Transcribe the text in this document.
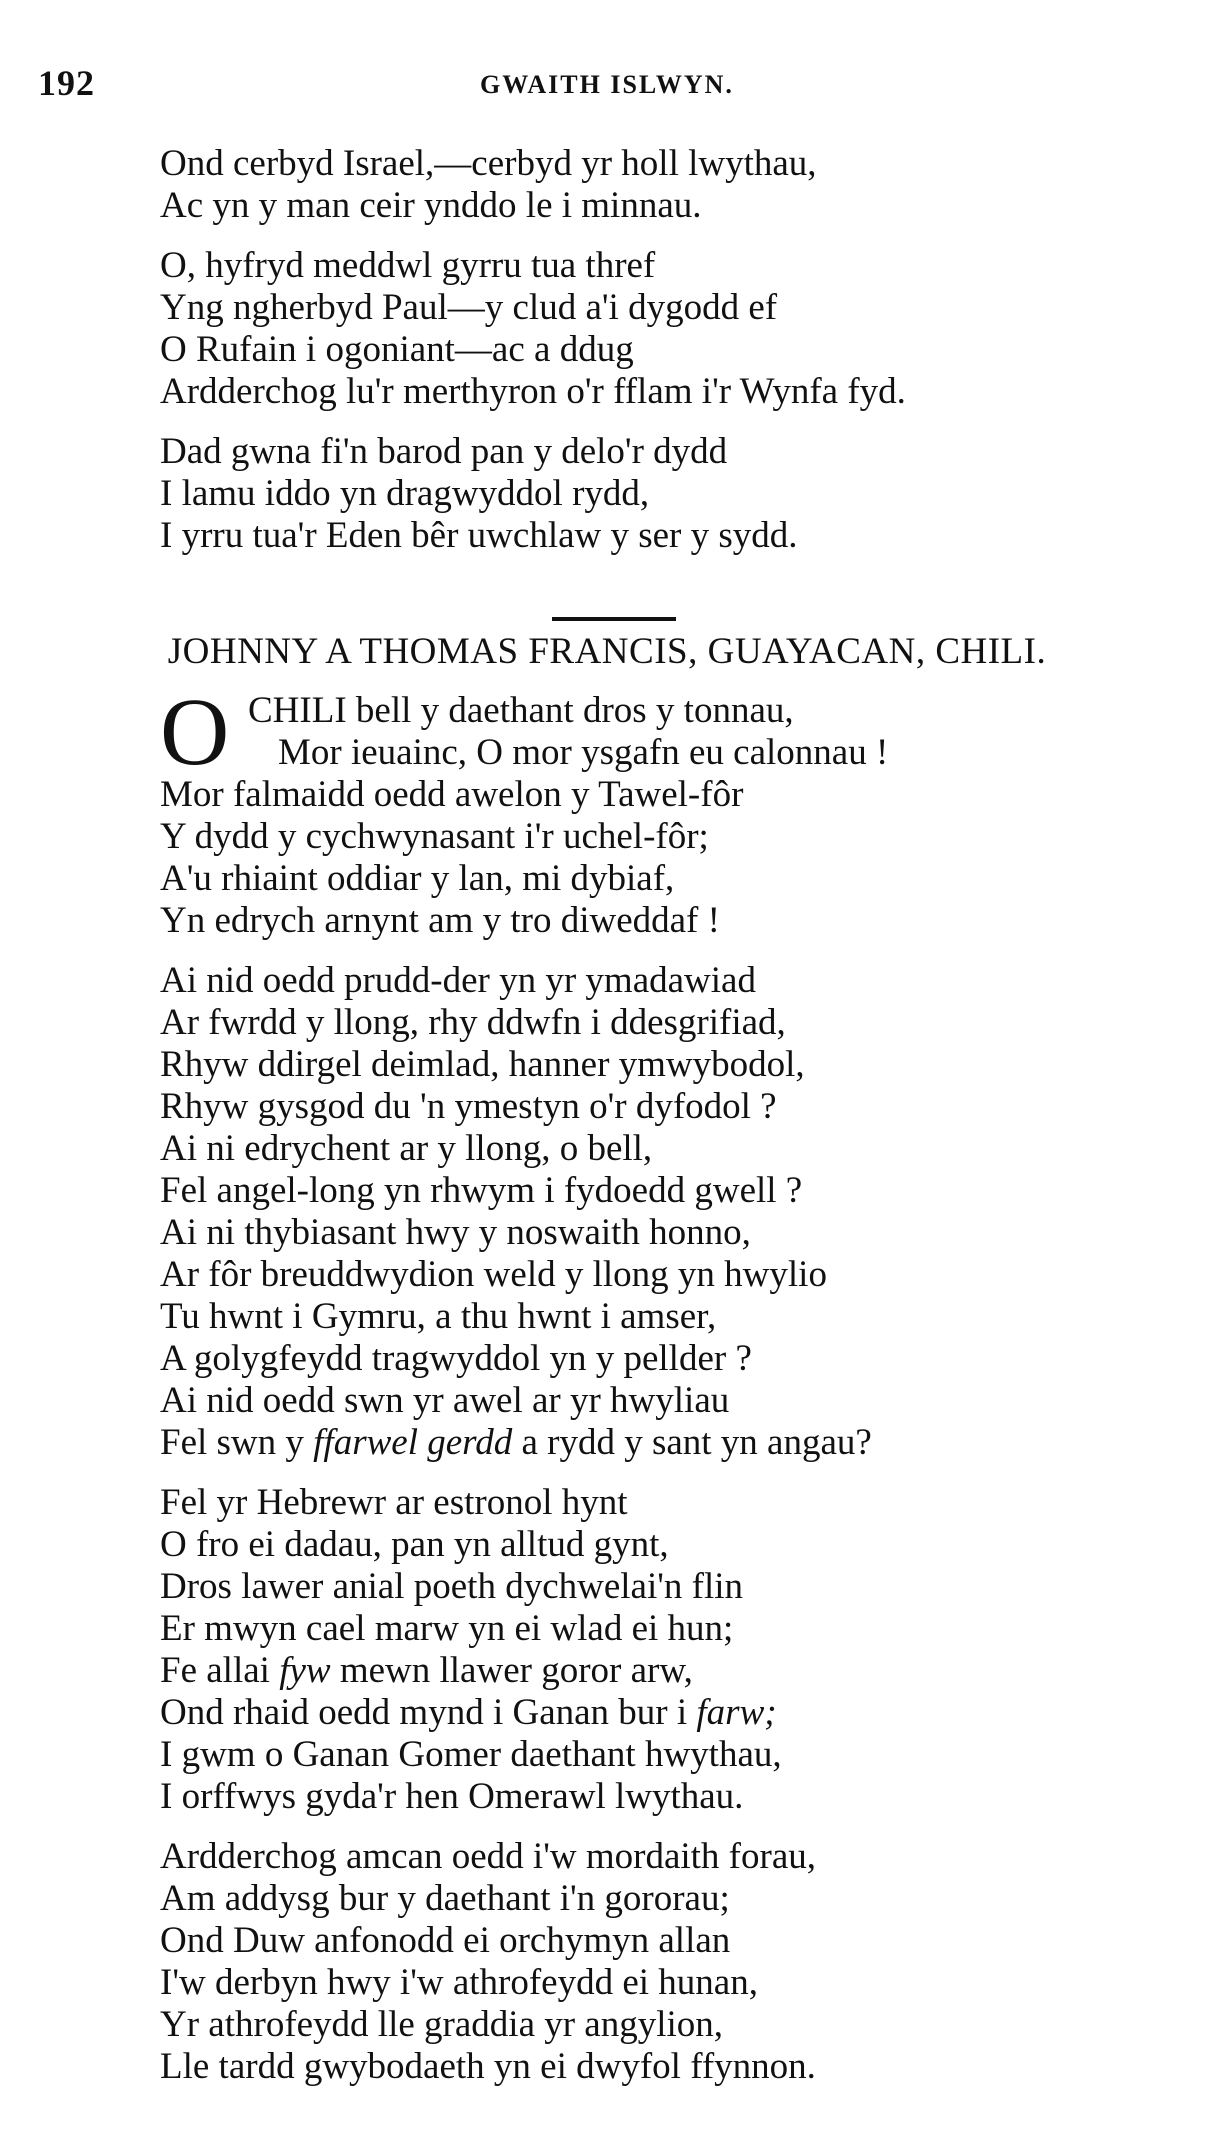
192	GWAITH ISLWYN.
Ond cerbyd Israel,—cerbyd yr holl lwythau,
Ac yn y man ceir ynddo le i minnau.
O, hyfryd meddwl gyrru tua thref
Yng ngherbyd Paul—y clud a'i dygodd ef
O Rufain i ogoniant—ac a ddug
Ardderchog lu'r merthyron o'r fflam i'r Wynfa fyd.
Dad gwna fi'n barod pan y delo'r dydd
I lamu iddo yn dragwyddol rydd,
I yrru tua'r Eden bêr uwchlaw y ser y sydd.
JOHNNY A THOMAS FRANCIS, GUAYACAN, CHILI.
O CHILI bell y daethant dros y tonnau,
Mor ieuainc, O mor ysgafn eu calonnau !
Mor falmaidd oedd awelon y Tawel-fôr
Y dydd y cychwynasant i'r uchel-fôr;
A'u rhiaint oddiar y lan, mi dybiaf,
Yn edrych arnynt am y tro diweddaf !
Ai nid oedd prudd-der yn yr ymadawiad
Ar fwrdd y llong, rhy ddwfn i ddesgrifiad,
Rhyw ddirgel deimlad, hanner ymwybodol,
Rhyw gysgod du 'n ymestyn o'r dyfodol ?
Ai ni edrychent ar y llong, o bell,
Fel angel-long yn rhwym i fydoedd gwell ?
Ai ni thybiasant hwy y noswaith honno,
Ar fôr breuddwydion weld y llong yn hwylio
Tu hwnt i Gymru, a thu hwnt i amser,
A golygfeydd tragwyddol yn y pellder ?
Ai nid oedd swn yr awel ar yr hwyliau
Fel swn y ffarwel gerdd a rydd y sant yn angau?
Fel yr Hebrewr ar estronol hynt
O fro ei dadau, pan yn alltud gynt,
Dros lawer anial poeth dychwelai'n flin
Er mwyn cael marw yn ei wlad ei hun;
Fe allai fyw mewn llawer goror arw,
Ond rhaid oedd mynd i Ganan bur i farw;
I gwm o Ganan Gomer daethant hwythau,
I orffwys gyda'r hen Omerawl lwythau.
Ardderchog amcan oedd i'w mordaith forau,
Am addysg bur y daethant i'n gororau;
Ond Duw anfonodd ei orchymyn allan
I'w derbyn hwy i'w athrofeydd ei hunan,
Yr athrofeydd lle graddia yr angylion,
Lle tardd gwybodaeth yn ei dwyfol ffynnon.
